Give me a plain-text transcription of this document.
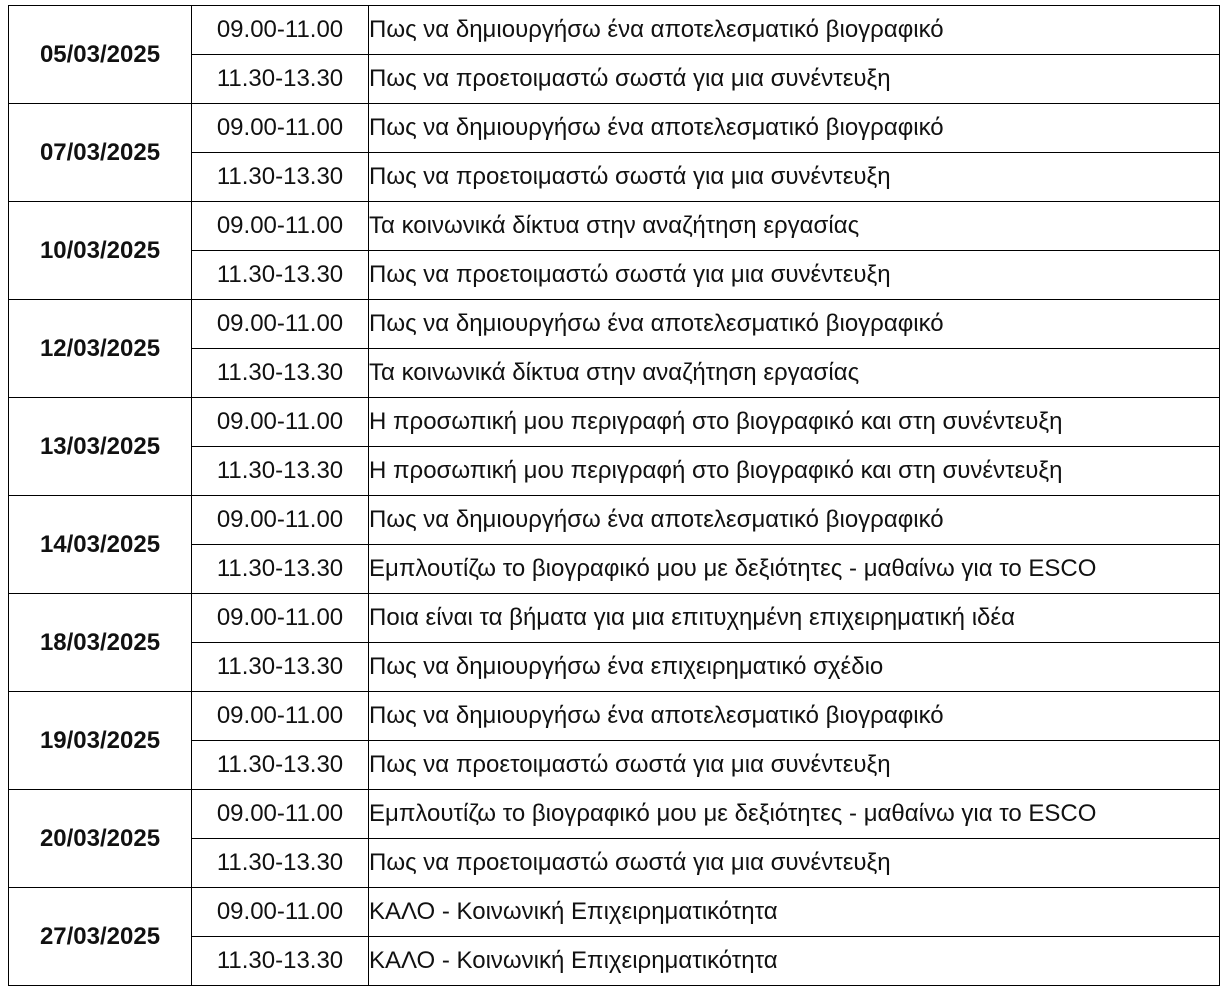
05/03/2025	09.00-11.00	Πως να δημιουργήσω ένα αποτελεσματικό βιογραφικό
	11.30-13.30	Πως να προετοιμαστώ σωστά για μια συνέντευξη
07/03/2025	09.00-11.00	Πως να δημιουργήσω ένα αποτελεσματικό βιογραφικό
	11.30-13.30	Πως να προετοιμαστώ σωστά για μια συνέντευξη
10/03/2025	09.00-11.00	Τα κοινωνικά δίκτυα στην αναζήτηση εργασίας
	11.30-13.30	Πως να προετοιμαστώ σωστά για μια συνέντευξη
12/03/2025	09.00-11.00	Πως να δημιουργήσω ένα αποτελεσματικό βιογραφικό
	11.30-13.30	Τα κοινωνικά δίκτυα στην αναζήτηση εργασίας
13/03/2025	09.00-11.00	Η προσωπική μου περιγραφή στο βιογραφικό και στη συνέντευξη
	11.30-13.30	Η προσωπική μου περιγραφή στο βιογραφικό και στη συνέντευξη
14/03/2025	09.00-11.00	Πως να δημιουργήσω ένα αποτελεσματικό βιογραφικό
	11.30-13.30	Εμπλουτίζω το βιογραφικό μου με δεξιότητες - μαθαίνω για το ESCO
18/03/2025	09.00-11.00	Ποια είναι τα βήματα για μια επιτυχημένη επιχειρηματική ιδέα
	11.30-13.30	Πως να δημιουργήσω ένα επιχειρηματικό σχέδιο
19/03/2025	09.00-11.00	Πως να δημιουργήσω ένα αποτελεσματικό βιογραφικό
	11.30-13.30	Πως να προετοιμαστώ σωστά για μια συνέντευξη
20/03/2025	09.00-11.00	Εμπλουτίζω το βιογραφικό μου με δεξιότητες - μαθαίνω για το ESCO
	11.30-13.30	Πως να προετοιμαστώ σωστά για μια συνέντευξη
27/03/2025	09.00-11.00	ΚΑΛΟ - Κοινωνική Επιχειρηματικότητα
	11.30-13.30	ΚΑΛΟ - Κοινωνική Επιχειρηματικότητα
